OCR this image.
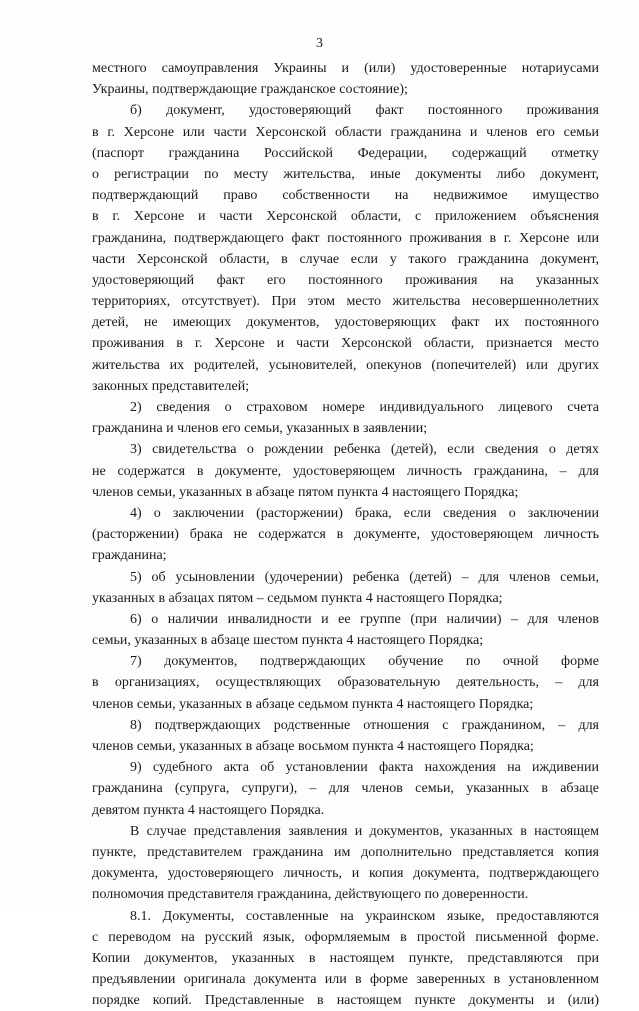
3
местного самоуправления Украины и (или) удостоверенные нотариусами
Украины, подтверждающие гражданское состояние);
б) документ, удостоверяющий факт постоянного проживания
в г. Херсоне или части Херсонской области гражданина и членов его семьи
(паспорт гражданина Российской Федерации, содержащий отметку
о регистрации по месту жительства, иные документы либо документ,
подтверждающий право собственности на недвижимое имущество
в г. Херсоне и части Херсонской области, с приложением объяснения
гражданина, подтверждающего факт постоянного проживания в г. Херсоне или
части Херсонской области, в случае если у такого гражданина документ,
удостоверяющий факт его постоянного проживания на указанных
территориях, отсутствует). При этом место жительства несовершеннолетних
детей, не имеющих документов, удостоверяющих факт их постоянного
проживания в г. Херсоне и части Херсонской области, признается место
жительства их родителей, усыновителей, опекунов (попечителей) или других
законных представителей;
2) сведения о страховом номере индивидуального лицевого счета
гражданина и членов его семьи, указанных в заявлении;
3) свидетельства о рождении ребенка (детей), если сведения о детях
не содержатся в документе, удостоверяющем личность гражданина, – для
членов семьи, указанных в абзаце пятом пункта 4 настоящего Порядка;
4) о заключении (расторжении) брака, если сведения о заключении
(расторжении) брака не содержатся в документе, удостоверяющем личность
гражданина;
5) об усыновлении (удочерении) ребенка (детей) – для членов семьи,
указанных в абзацах пятом – седьмом пункта 4 настоящего Порядка;
6) о наличии инвалидности и ее группе (при наличии) – для членов
семьи, указанных в абзаце шестом пункта 4 настоящего Порядка;
7) документов, подтверждающих обучение по очной форме
в организациях, осуществляющих образовательную деятельность, – для
членов семьи, указанных в абзаце седьмом пункта 4 настоящего Порядка;
8) подтверждающих родственные отношения с гражданином, – для
членов семьи, указанных в абзаце восьмом пункта 4 настоящего Порядка;
9) судебного акта об установлении факта нахождения на иждивении
гражданина (супруга, супруги), – для членов семьи, указанных в абзаце
девятом пункта 4 настоящего Порядка.
В случае представления заявления и документов, указанных в настоящем
пункте, представителем гражданина им дополнительно представляется копия
документа, удостоверяющего личность, и копия документа, подтверждающего
полномочия представителя гражданина, действующего по доверенности.
8.1. Документы, составленные на украинском языке, предоставляются
с переводом на русский язык, оформляемым в простой письменной форме.
Копии документов, указанных в настоящем пункте, представляются при
предъявлении оригинала документа или в форме заверенных в установленном
порядке копий. Представленные в настоящем пункте документы и (или)
